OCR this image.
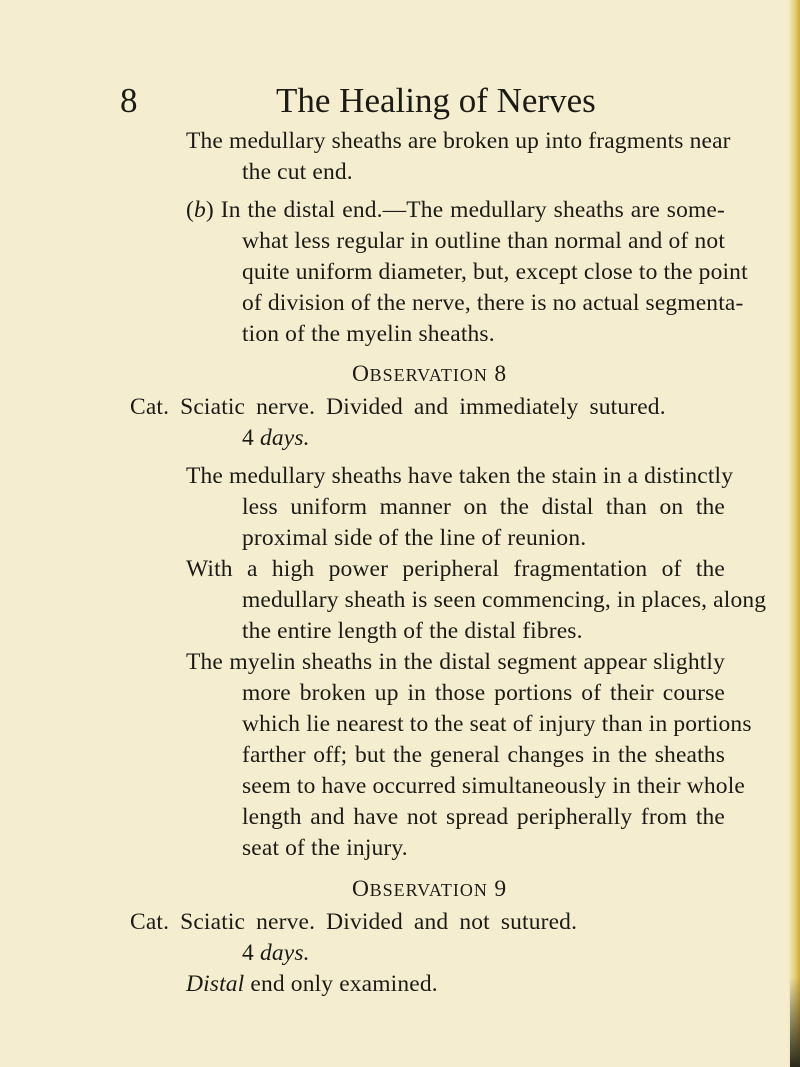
8	The Healing of Nerves
The medullary sheaths are broken up into fragments near
the cut end.
(b) In the distal end.—The medullary sheaths are some-
what less regular in outline than normal and of not
quite uniform diameter, but, except close to the point
of division of the nerve, there is no actual segmenta-
tion of the myelin sheaths.
OBSERVATION 8
Cat. Sciatic nerve. Divided and immediately sutured.
4 days.
The medullary sheaths have taken the stain in a distinctly
less uniform manner on the distal than on the
proximal side of the line of reunion.
With a high power peripheral fragmentation of the
medullary sheath is seen commencing, in places, along
the entire length of the distal fibres.
The myelin sheaths in the distal segment appear slightly
more broken up in those portions of their course
which lie nearest to the seat of injury than in portions
farther off; but the general changes in the sheaths
seem to have occurred simultaneously in their whole
length and have not spread peripherally from the
seat of the injury.
OBSERVATION 9
Cat. Sciatic nerve. Divided and not sutured.
4 days.
Distal end only examined.
